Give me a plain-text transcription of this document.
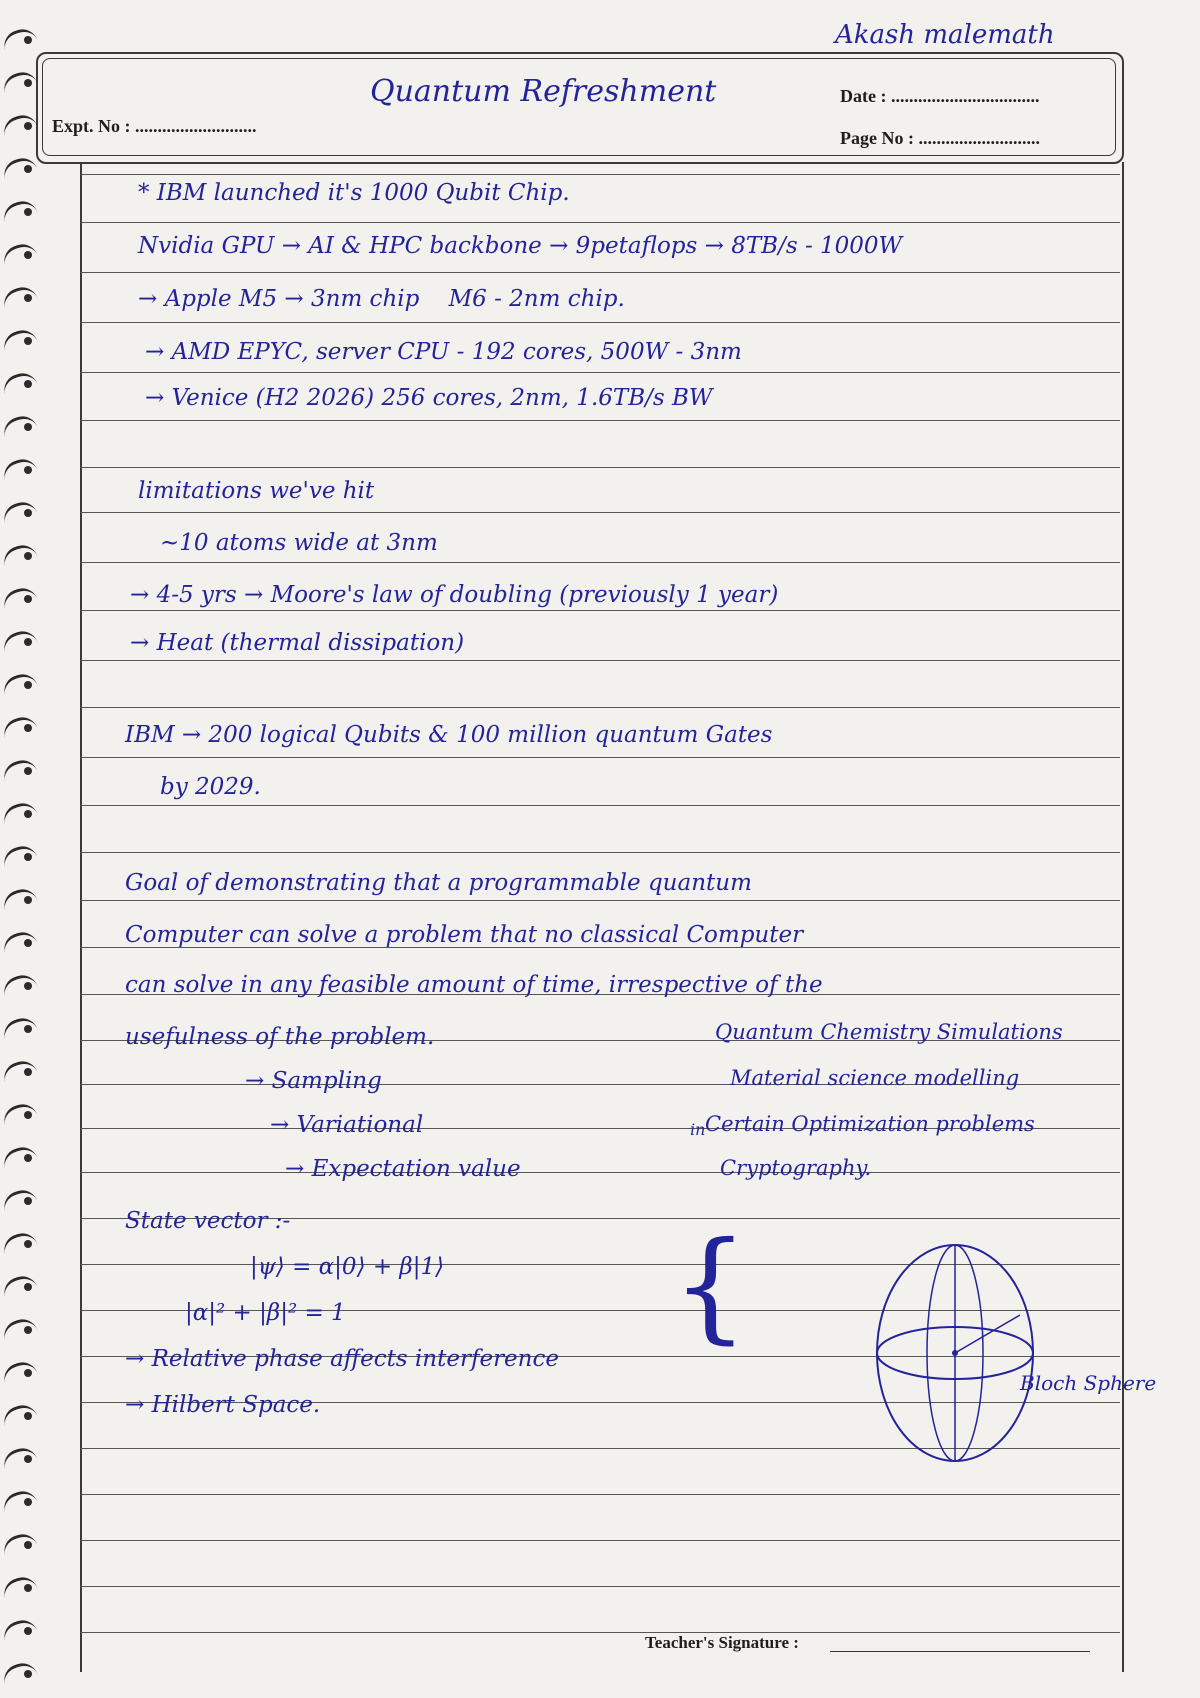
Akash malemath
Quantum Refreshment
Expt. No : ...........................
Date : .................................
Page No : ...........................
* IBM launched it's 1000 Qubit Chip.
Nvidia GPU → AI & HPC backbone → 9petaflops → 8TB/s - 1000W
→ Apple M5 → 3nm chip    M6 - 2nm chip.
→ AMD EPYC, server CPU - 192 cores, 500W - 3nm
→ Venice (H2 2026) 256 cores, 2nm, 1.6TB/s BW
limitations we've hit
~10 atoms wide at 3nm
→ 4-5 yrs → Moore's law of doubling (previously 1 year)
→ Heat (thermal dissipation)
IBM → 200 logical Qubits & 100 million quantum Gates
by 2029.
Goal of demonstrating that a programmable quantum
Computer can solve a problem that no classical Computer
can solve in any feasible amount of time, irrespective of the
usefulness of the problem.
→ Sampling
→ Variational
→ Expectation value
State vector :-
|ψ⟩ = α|0⟩ + β|1⟩
|α|² + |β|² = 1
→ Relative phase affects interference
→ Hilbert Space.
{
in
Quantum Chemistry Simulations
Material science modelling
Certain Optimization problems
Cryptography.
Bloch Sphere
Teacher's Signature :
